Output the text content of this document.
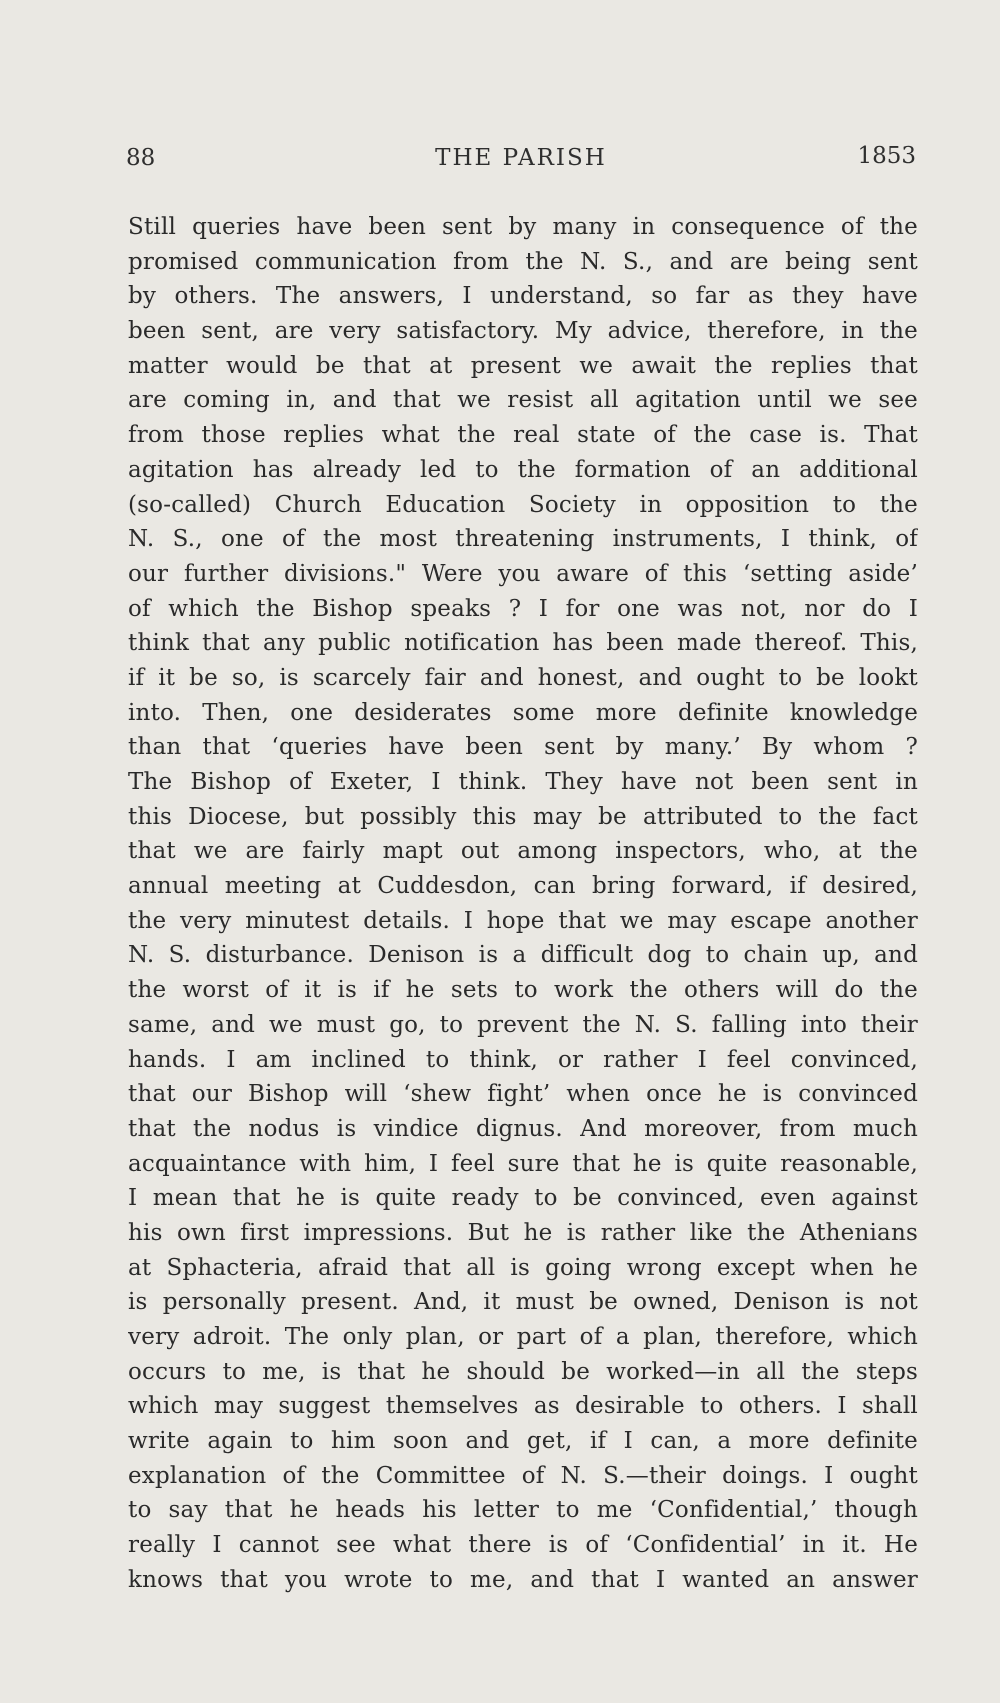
88	THE PARISH	1853
Still queries have been sent by many in consequence of the
promised communication from the N. S., and are being sent
by others. The answers, I understand, so far as they have
been sent, are very satisfactory. My advice, therefore, in the
matter would be that at present we await the replies that
are coming in, and that we resist all agitation until we see
from those replies what the real state of the case is. That
agitation has already led to the formation of an additional
(so-called) Church Education Society in opposition to the
N. S., one of the most threatening instruments, I think, of
our further divisions." Were you aware of this ‘setting aside’
of which the Bishop speaks ? I for one was not, nor do I
think that any public notification has been made thereof. This,
if it be so, is scarcely fair and honest, and ought to be lookt
into. Then, one desiderates some more definite knowledge
than that ‘queries have been sent by many.’ By whom ?
The Bishop of Exeter, I think. They have not been sent in
this Diocese, but possibly this may be attributed to the fact
that we are fairly mapt out among inspectors, who, at the
annual meeting at Cuddesdon, can bring forward, if desired,
the very minutest details. I hope that we may escape another
N. S. disturbance. Denison is a difficult dog to chain up, and
the worst of it is if he sets to work the others will do the
same, and we must go, to prevent the N. S. falling into their
hands. I am inclined to think, or rather I feel convinced,
that our Bishop will ‘shew fight’ when once he is convinced
that the nodus is vindice dignus. And moreover, from much
acquaintance with him, I feel sure that he is quite reasonable,
I mean that he is quite ready to be convinced, even against
his own first impressions. But he is rather like the Athenians
at Sphacteria, afraid that all is going wrong except when he
is personally present. And, it must be owned, Denison is not
very adroit. The only plan, or part of a plan, therefore, which
occurs to me, is that he should be worked—in all the steps
which may suggest themselves as desirable to others. I shall
write again to him soon and get, if I can, a more definite
explanation of the Committee of N. S.—their doings. I ought
to say that he heads his letter to me ‘Confidential,’ though
really I cannot see what there is of ‘Confidential’ in it. He
knows that you wrote to me, and that I wanted an answer
